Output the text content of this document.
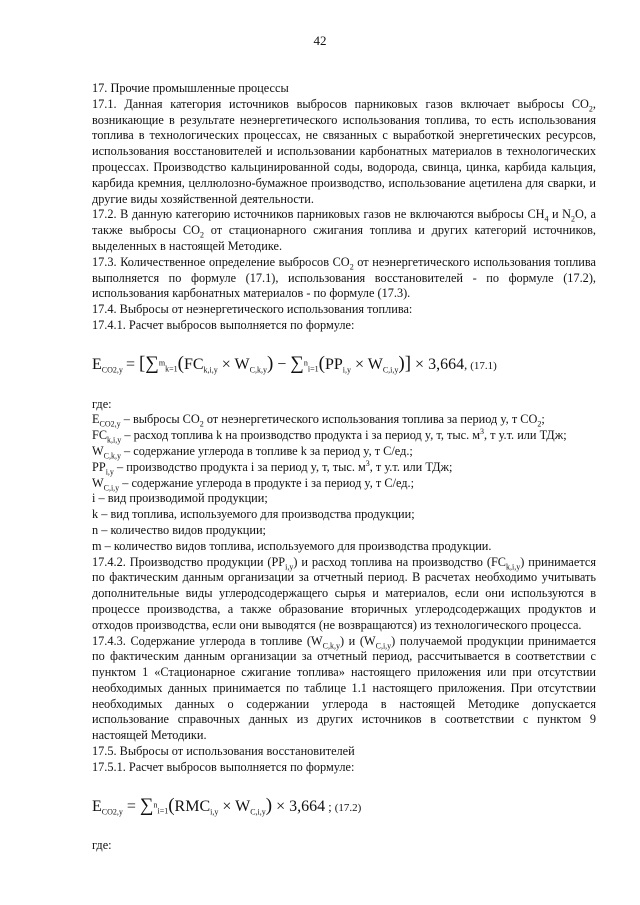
42

17. Прочие промышленные процессы

17.1. Данная категория источников выбросов парниковых газов включает выбросы $CO_2$, возникающие в результате неэнергетического использования топлива, то есть использования топлива в технологических процессах, не связанных с выработкой энергетических ресурсов, использования восстановителей и использовании карбонатных материалов в технологических процессах. Производство кальцинированной соды, водорода, свинца, цинка, карбида кальция, карбида кремния, целлюлозно-бумажное производство, использование ацетилена для сварки, и другие виды хозяйственной деятельности.

17.2. В данную категорию источников парниковых газов не включаются выбросы $CH_4$ и $N_2O$, а также выбросы $CO_2$ от стационарного сжигания топлива и других категорий источников, выделенных в настоящей Методике.

17.3. Количественное определение выбросов $CO_2$ от неэнергетического использования топлива выполняется по формуле (17.1), использования восстановителей - по формуле (17.2), использования карбонатных материалов - по формуле (17.3).

17.4. Выбросы от неэнергетического использования топлива:

17.4.1. Расчет выбросов выполняется по формуле:

$E_{CO2,y} = [\sum^m_{k=1}(FC_{k,i,y} \times W_{C,k,y}) - \sum^n_{i=1}(PP_{i,y} \times W_{C,i,y})] \times 3,664$, (17.1)

где:

$E_{CO2,y}$ – выбросы $CO_2$ от неэнергетического использования топлива за период y, т $CO_2$;

$FC_{k,i,y}$ – расход топлива k на производство продукта i за период y, т, тыс. $м^3$, т у.т. или ТДж;

$W_{C,k,y}$ – содержание углерода в топливе k за период y, т С/ед.;

$PP_{i,y}$ – производство продукта i за период y, т, тыс. $м^3$, т у.т. или ТДж;

$W_{C,i,y}$ – содержание углерода в продукте i за период y, т С/ед.;

i – вид производимой продукции;

k – вид топлива, используемого для производства продукции;

n – количество видов продукции;

m – количество видов топлива, используемого для производства продукции.

17.4.2. Производство продукции $(PP_{i,y})$ и расход топлива на производство $(FC_{k,i,y})$ принимается по фактическим данным организации за отчетный период. В расчетах необходимо учитывать дополнительные виды углеродсодержащего сырья и материалов, если они используются в процессе производства, а также образование вторичных углеродсодержащих продуктов и отходов производства, если они выводятся (не возвращаются) из технологического процесса.

17.4.3. Содержание углерода в топливе $(W_{C,k,y})$ и $(W_{C,i,y})$ получаемой продукции принимается по фактическим данным организации за отчетный период, рассчитывается в соответствии с пунктом 1 «Стационарное сжигание топлива» настоящего приложения или при отсутствии необходимых данных принимается по таблице 1.1 настоящего приложения. При отсутствии необходимых данных о содержании углерода в настоящей Методике допускается использование справочных данных из других источников в соответствии с пунктом 9 настоящей Методики.

17.5. Выбросы от использования восстановителей

17.5.1. Расчет выбросов выполняется по формуле:

$E_{CO2,y} = \sum^n_{i=1}(RMC_{i,y} \times W_{C,i,y}) \times 3,664$ ; (17.2)

где:
